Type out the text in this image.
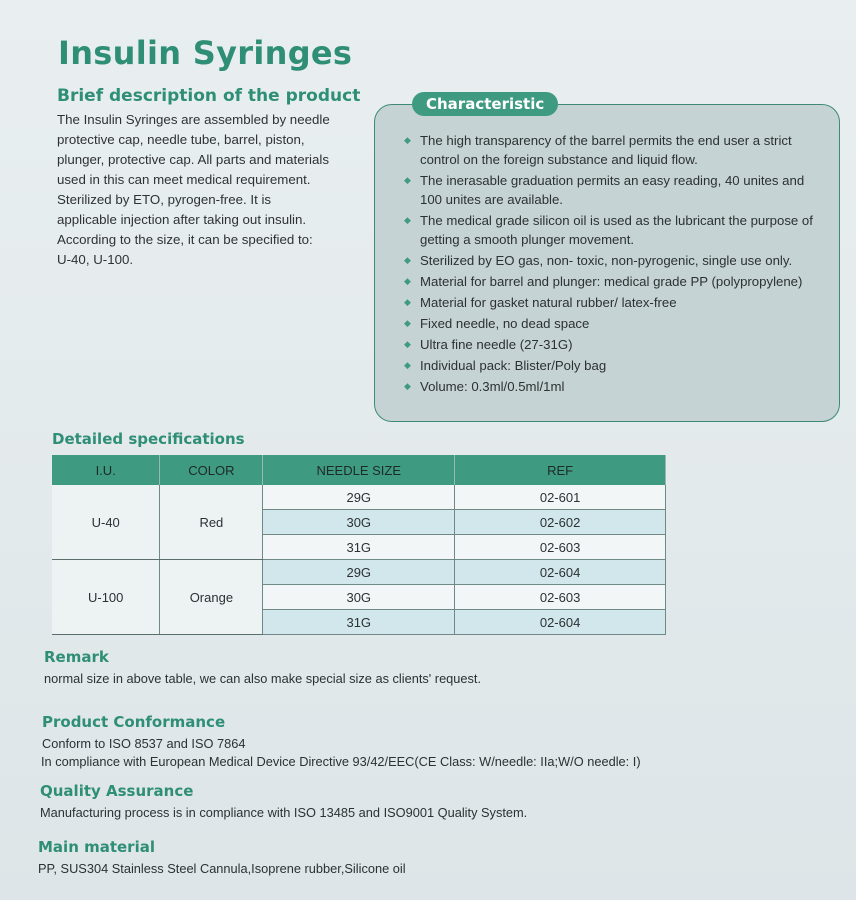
Insulin Syringes
Brief description of the product
The Insulin Syringes are assembled by needle
protective cap, needle tube, barrel, piston,
plunger, protective cap. All parts and materials
used in this can meet medical requirement.
Sterilized by ETO, pyrogen-free. It is
applicable injection after taking out insulin.
According to the size, it can be specified to:
U-40, U-100.
Characteristic
◆ The high transparency of the barrel permits the end user a strict
control on the foreign substance and liquid flow.
◆ The inerasable graduation permits an easy reading, 40 unites and
100 unites are available.
◆ The medical grade silicon oil is used as the lubricant the purpose of
getting a smooth plunger movement.
◆ Sterilized by EO gas, non- toxic, non-pyrogenic, single use only.
◆ Material for barrel and plunger: medical grade PP (polypropylene)
◆ Material for gasket natural rubber/ latex-free
◆ Fixed needle, no dead space
◆ Ultra fine needle (27-31G)
◆ Individual pack: Blister/Poly bag
◆ Volume: 0.3ml/0.5ml/1ml
Detailed specifications
I.U.	COLOR	NEEDLE SIZE	REF
U-40	Red	29G	02-601
		30G	02-602
		31G	02-603
U-100	Orange	29G	02-604
		30G	02-603
		31G	02-604
Remark

normal size in above table, we can also make special size as clients' request.

Product Conformance

Conform to ISO 8537 and ISO 7864

In compliance with European Medical Device Directive 93/42/EEC(CE Class: W/needle: IIa;W/O needle: I)

Quality Assurance

Manufacturing process is in compliance with ISO 13485 and ISO9001 Quality System.

Main material

PP, SUS304 Stainless Steel Cannula,Isoprene rubber,Silicone oil
